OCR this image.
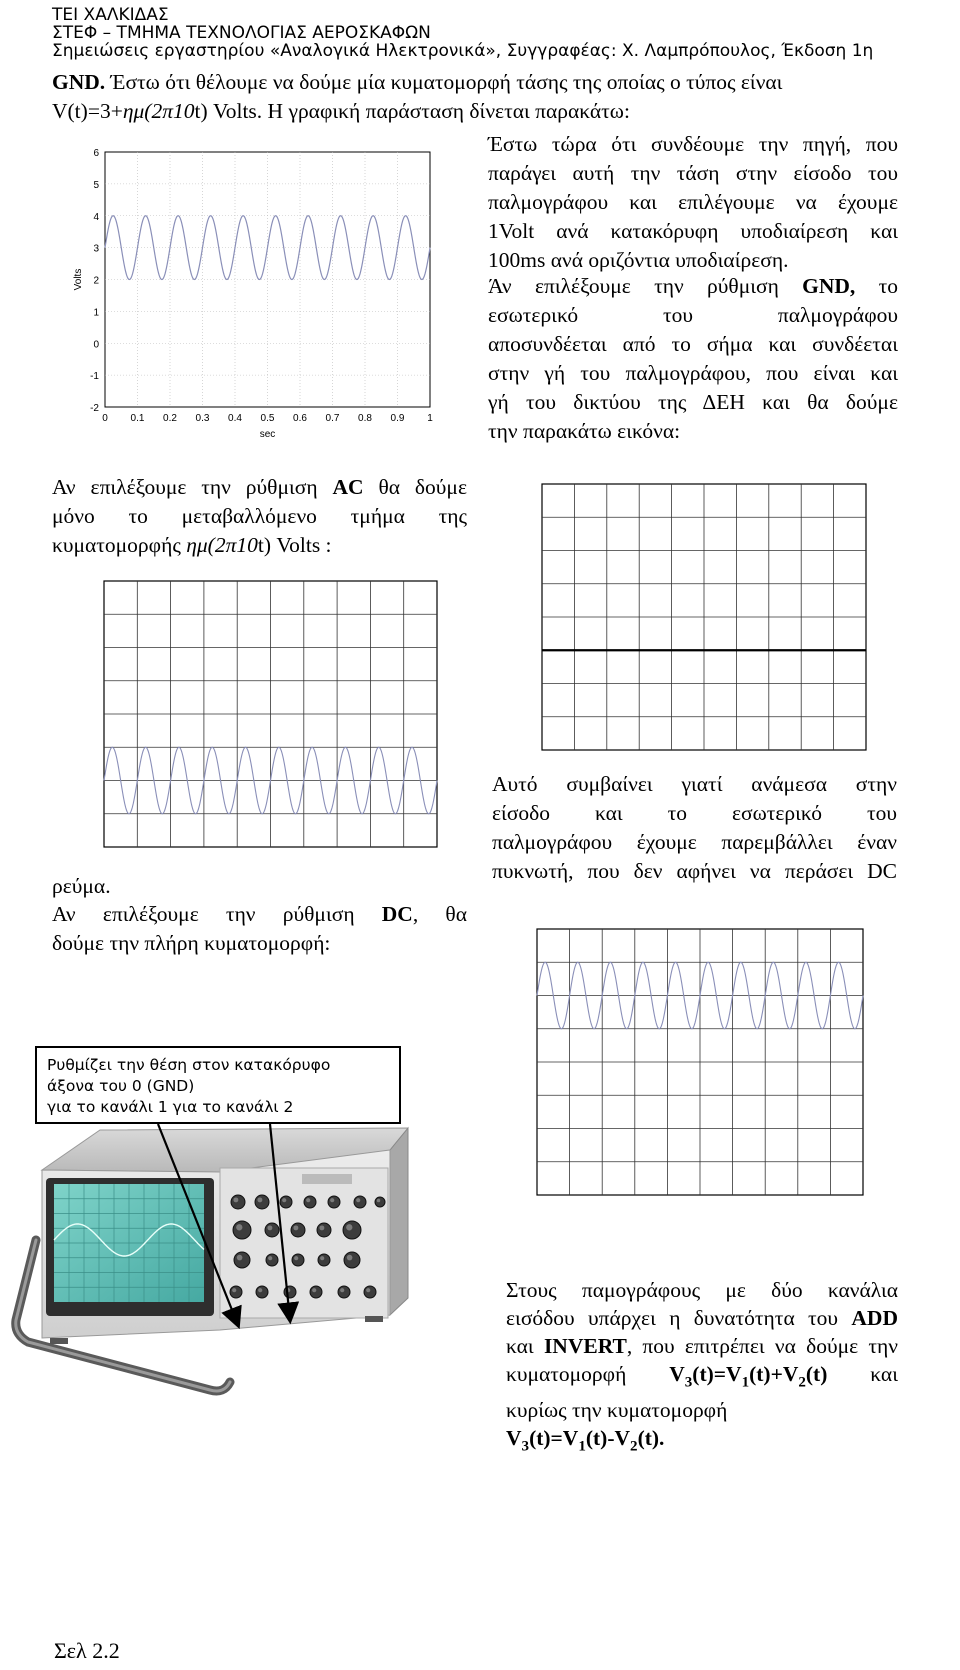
ΤΕΙ ΧΑΛΚΙΔΑΣ
ΣΤΕΦ – ΤΜΗΜΑ ΤΕΧΝΟΛΟΓΙΑΣ ΑΕΡΟΣΚΑΦΩΝ
Σημειώσεις εργαστηρίου «Αναλογικά Ηλεκτρονικά», Συγγραφέας: Χ. Λαμπρόπουλος, Έκδοση 1η
GND. Έστω ότι θέλουμε να δούμε μία κυματομορφή τάσης της οποίας ο τύπος είναι
V(t)=3+ημ(2π10t) Volts. Η γραφική παράσταση δίνεται παρακάτω:
0 0.1 0.2 0.3 0.4 0.5 0.6 0.7 0.8 0.9 1
-2
-1
0
1
2
3
4
5
6
sec
Volts
Έστω τώρα ότι συνδέουμε την πηγή, που
παράγει αυτή την τάση στην είσοδο του
παλμογράφου και επιλέγουμε να έχουμε
1Volt ανά κατακόρυφη υποδιαίρεση και
100ms ανά οριζόντια υποδιαίρεση.
Άν επιλέξουμε την ρύθμιση GND, το
εσωτερικό του παλμογράφου
αποσυνδέεται από το σήμα και συνδέεται
στην γή του παλμογράφου, που είναι και
γή του δικτύου της ΔΕΗ και θα δούμε
την παρακάτω εικόνα:
Αν επιλέξουμε την ρύθμιση AC θα δούμε
μόνο το μεταβαλλόμενο τμήμα της
κυματομορφής ημ(2π10t) Volts :
Αυτό συμβαίνει γιατί ανάμεσα στην
είσοδο και το εσωτερικό του
παλμογράφου έχουμε παρεμβάλλει έναν
πυκνωτή, που δεν αφήνει να περάσει DC
ρεύμα.
Αν επιλέξουμε την ρύθμιση DC, θα
δούμε την πλήρη κυματομορφή:
Ρυθμίζει την θέση στον κατακόρυφο
άξονα του 0 (GND)
για το κανάλι 1 για το κανάλι 2
Στους παμογράφους με δύο κανάλια
εισόδου υπάρχει η δυνατότητα του ADD
και INVERT, που επιτρέπει να δούμε την
κυματομορφή $V_3(t)=V_1(t)+V_2(t)$ και
κυρίως την κυματομορφή
$V_3(t)=V_1(t)-V_2(t)$.
Σελ 2.2
